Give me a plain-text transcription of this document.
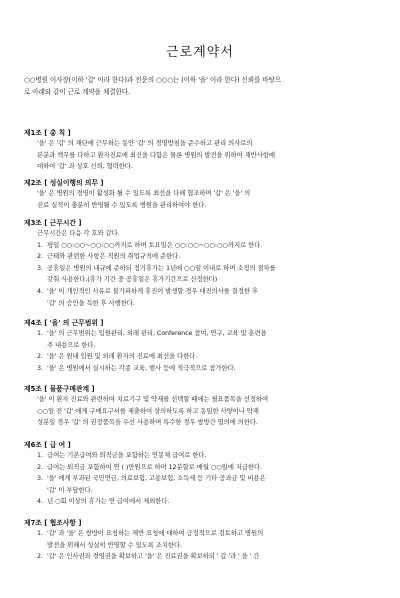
근로계약서
○○병원 이사장(이하 '갑' 이라 한다)과 전문의 ○○○는 (이하 '을' 이라 한다) 신뢰를 바탕으
로 아래와 같이 근로 계약을 체결한다.
제1조 [ 총 칙 ]
'을' 은 '갑' 의 재단에 근무하는 동안 '갑' 의 경영방침을 준수하고 관리 의사로의
본분과 책무를 다하고 환자진료에 최선을 다함은 물론 병원의 발전을 위하여 재반사항에
대하여 '갑' 과 상호 신뢰, 협력한다.
제2조 [ 성실이행의 의무 ]
'을' 은 병원의 경영이 활성화 될 수 있도록 최선을 다해 협조하며 '갑' 은 '을' 의
진료 실적이 충분히 반영될 수 있도록 병원을 관리하여야 한다.
제3조 [ 근무시간 ]
근무시간은 다음 각 호와 같다.
1. 평일 ○○:○○~○○:○○까지로 하며 토요일은 ○○:○○~○○:○○까지로 한다.
2. 근태와 관련한 사항은 직원의 취업규칙에 준한다.
3. 공휴일은 병원의 내규에 준하되 정기휴가는 1년에 ○○일 이내로 하며 소정의 절차를
갖춰 사용한다.(휴가 기간 중 공휴일은 휴가기간으로 산정한다)
4. '을' 이 개인적인 사유로 불가피하게 휴진이 발생할 경우 대진의사를 결정한 후
'갑' 의 승인을 득한 후 사행한다.
제4조 [ '을' 의 근무범위 ]
1. '을' 의 근무범위는 입원관리, 외래 관리, Conference 참여, 연구, 교육 및 훈련을
주 내용으로 한다.
2. '을' 은 원내 입원 및 외래 환자의 진료에 최선을 다한다.
3. '을' 은 병원에서 실시하는 각종 교육, 행사 등에 적극적으로 참가한다.
제5조 [ 물품구매관계 ]
'을' 이 환자 진료와 관련하여 치료기구 및 약재를 선택할 때에는 필요품목을 선정하여
○○일 전 '갑' 에게 구매요구서를 제출하여 상의하도록 하고 동일한 사양이나 약재
성분일 경우 '갑' 의 권장품목을 우선 사용하며 특수한 경우 쌍방간 협의에 의한다.
제6조 [ 급 여 ]
1. 급여는 기본급여와 퇴직금을 포함하는 연봉제 급여로 한다.
2. 급여는 퇴직금 포함하여 연 ( )만원으로 하며 12분할로 매월 ○○일에 지급한다.
3. '을' 에게 부과된 국민연금, 의료보험, 고용보험, 소득세 등 기타 공과금 및 비용은
'갑' 이 부담한다.
4. 년 ○회 이상의 휴가는 연 급여에서 제외한다.
제7조 [ 협조사항 ]
1. '갑' 과 '을' 은 쌍방이 요청하는 제반 요청에 대하여 긍정적으로 검토하고 병원의
발전을 위해서 성실히 반영할 수 있도록 조치한다.
2. '갑' 은 인사권과 경영권을 확보하고 '을' 은 진료권을 확보하되 ' 갑 '과 ' 을 ' 간
